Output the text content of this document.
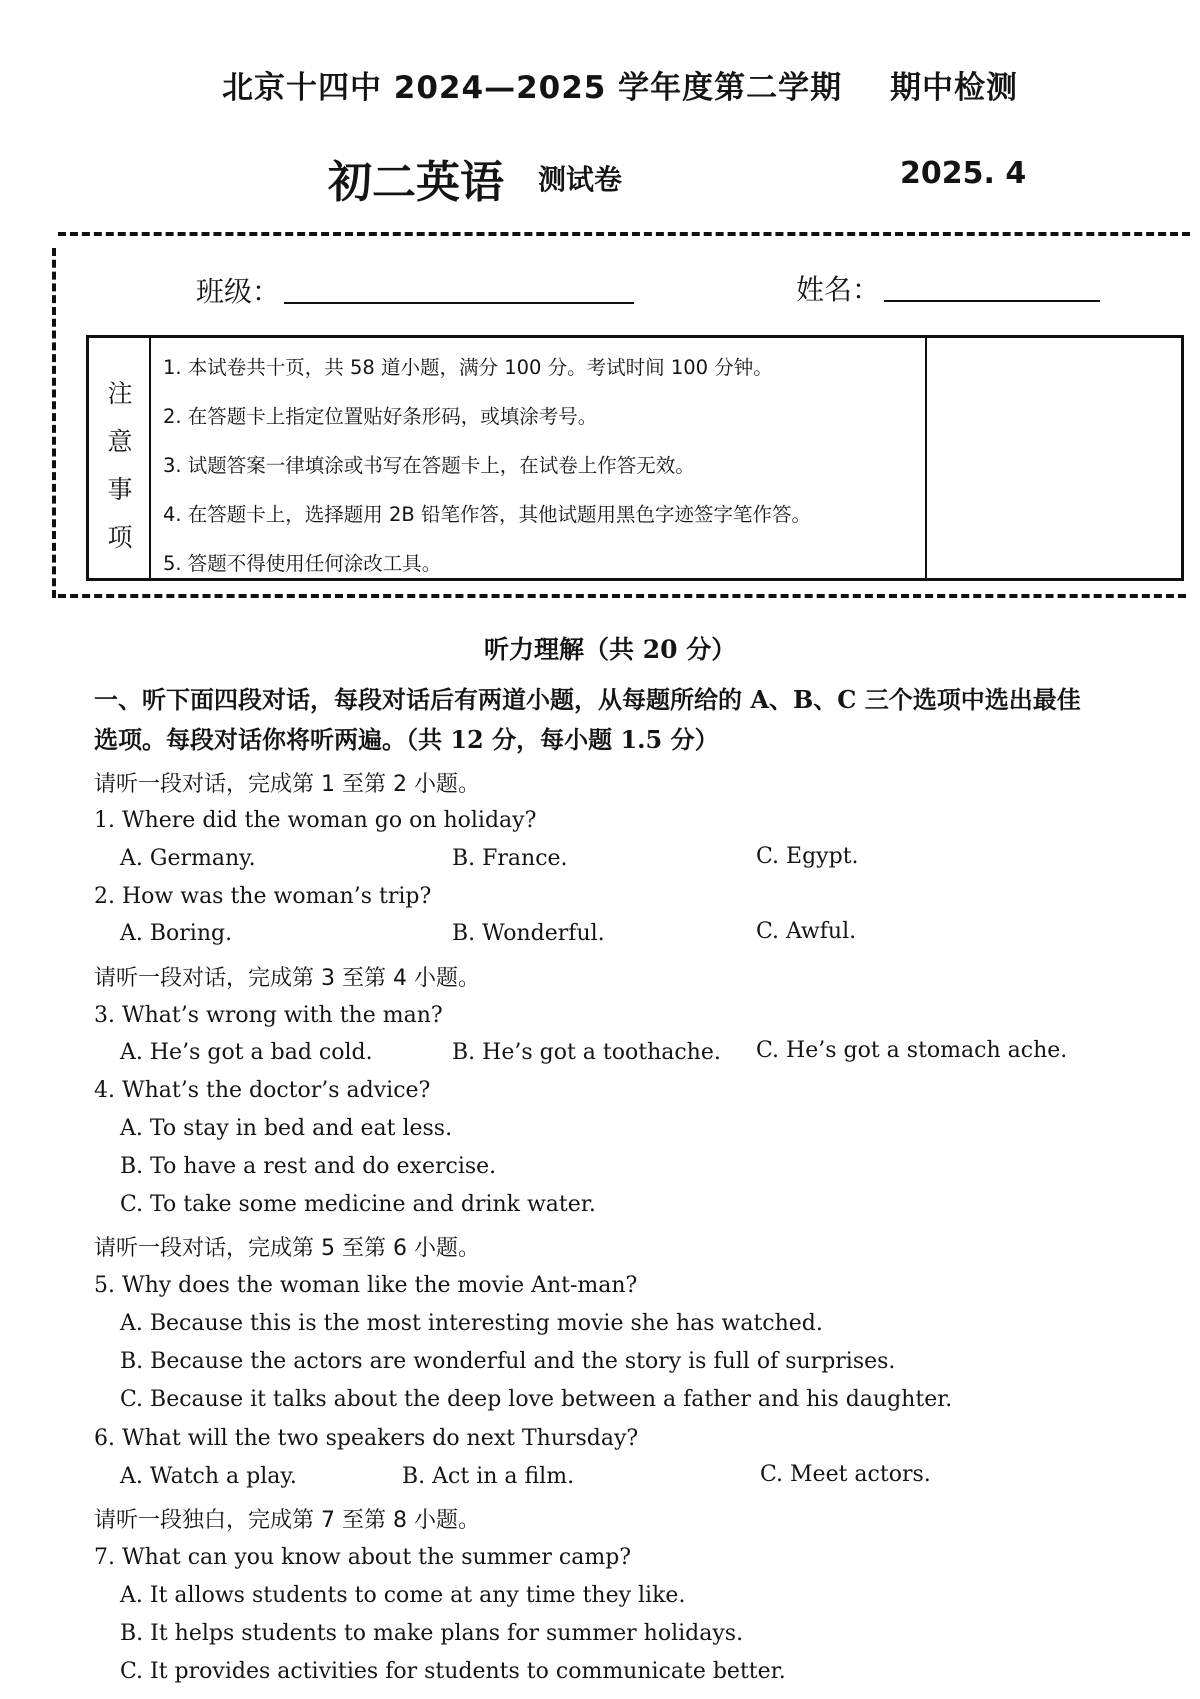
北京十四中 2024—2025 学年度第二学期 期中检测
初二英语 测试卷	2025. 4
班级：	姓名：
注
意
事
项
1. 本试卷共十页，共 58 道小题，满分 100 分。考试时间 100 分钟。
2. 在答题卡上指定位置贴好条形码，或填涂考号。
3. 试题答案一律填涂或书写在答题卡上，在试卷上作答无效。
4. 在答题卡上，选择题用 2B 铅笔作答，其他试题用黑色字迹签字笔作答。
5. 答题不得使用任何涂改工具。
听力理解（共 20 分）
一、听下面四段对话，每段对话后有两道小题，从每题所给的 A、B、C 三个选项中选出最佳
选项。每段对话你将听两遍。（共 12 分，每小题 1.5 分）
请听一段对话，完成第 1 至第 2 小题。
1. Where did the woman go on holiday?
A. Germany.	B. France.	C. Egypt.
2. How was the woman’s trip?
A. Boring.	B. Wonderful.	C. Awful.
请听一段对话，完成第 3 至第 4 小题。
3. What’s wrong with the man?
A. He’s got a bad cold.	B. He’s got a toothache. C. He’s got a stomach ache.
4. What’s the doctor’s advice?
A. To stay in bed and eat less.
B. To have a rest and do exercise.
C. To take some medicine and drink water.
请听一段对话，完成第 5 至第 6 小题。
5. Why does the woman like the movie Ant-man?
A. Because this is the most interesting movie she has watched.
B. Because the actors are wonderful and the story is full of surprises.
C. Because it talks about the deep love between a father and his daughter.
6. What will the two speakers do next Thursday?
A. Watch a play.	B. Act in a film.	C. Meet actors.
请听一段独白，完成第 7 至第 8 小题。
7. What can you know about the summer camp?
A. It allows students to come at any time they like.
B. It helps students to make plans for summer holidays.
C. It provides activities for students to communicate better.
